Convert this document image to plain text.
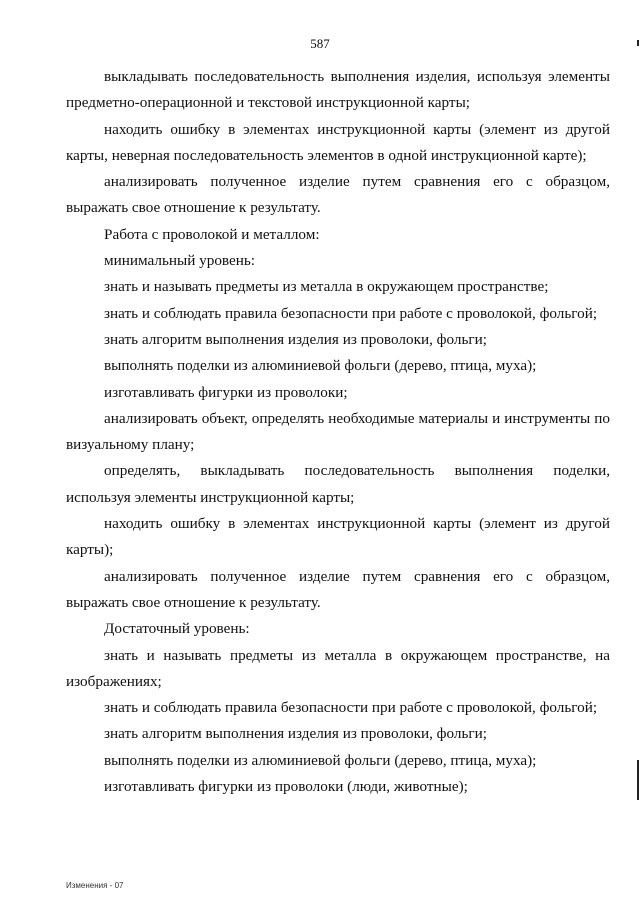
587

выкладывать последовательность выполнения изделия, используя элементы предметно-операционной и текстовой инструкционной карты;

находить ошибку в элементах инструкционной карты (элемент из другой карты, неверная последовательность элементов в одной инструкционной карте);

анализировать полученное изделие путем сравнения его с образцом, выражать свое отношение к результату.

Работа с проволокой и металлом:

минимальный уровень:

знать и называть предметы из металла в окружающем пространстве;

знать и соблюдать правила безопасности при работе с проволокой, фольгой;

знать алгоритм выполнения изделия из проволоки, фольги;

выполнять поделки из алюминиевой фольги (дерево, птица, муха);

изготавливать фигурки из проволоки;

анализировать объект, определять необходимые материалы и инструменты по визуальному плану;

определять, выкладывать последовательность выполнения поделки, используя элементы инструкционной карты;

находить ошибку в элементах инструкционной карты (элемент из другой карты);

анализировать полученное изделие путем сравнения его с образцом, выражать свое отношение к результату.

Достаточный уровень:

знать и называть предметы из металла в окружающем пространстве, на изображениях;

знать и соблюдать правила безопасности при работе с проволокой, фольгой;

знать алгоритм выполнения изделия из проволоки, фольги;

выполнять поделки из алюминиевой фольги (дерево, птица, муха);

изготавливать фигурки из проволоки (люди, животные);

Изменения - 07
